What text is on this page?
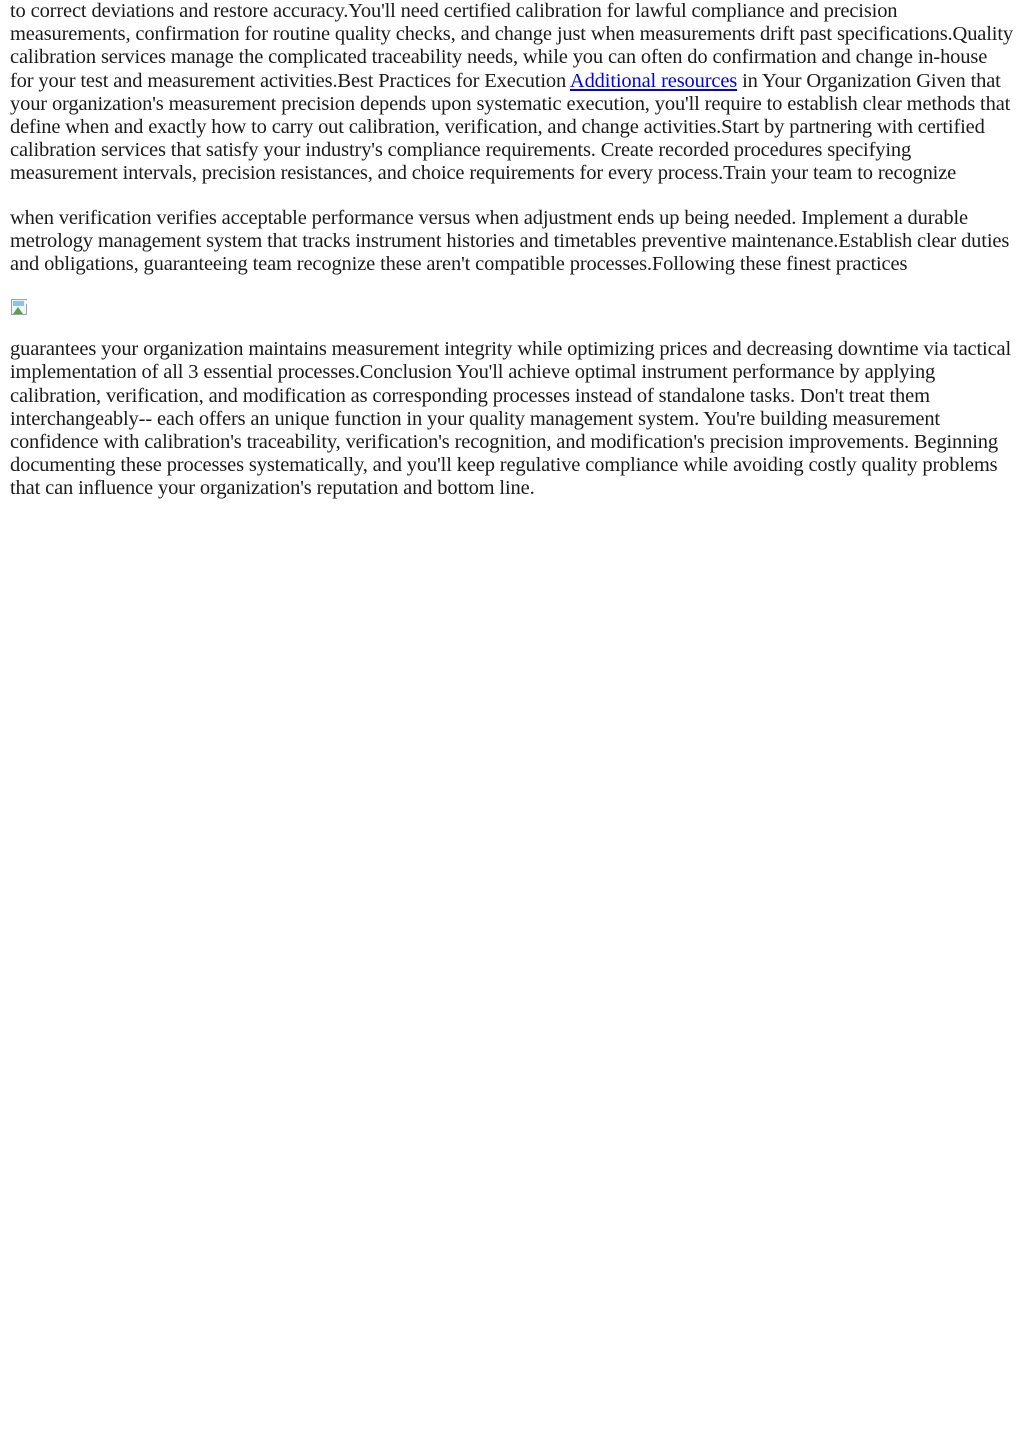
to correct deviations and restore accuracy.You'll need certified calibration for lawful compliance and precision measurements, confirmation for routine quality checks, and change just when measurements drift past specifications.Quality calibration services manage the complicated traceability needs, while you can often do confirmation and change in-house for your test and measurement activities.Best Practices for Execution Additional resources in Your Organization Given that your organization's measurement precision depends upon systematic execution, you'll require to establish clear methods that define when and exactly how to carry out calibration, verification, and change activities.Start by partnering with certified calibration services that satisfy your industry's compliance requirements. Create recorded procedures specifying measurement intervals, precision resistances, and choice requirements for every process.Train your team to recognize

when verification verifies acceptable performance versus when adjustment ends up being needed. Implement a durable metrology management system that tracks instrument histories and timetables preventive maintenance.Establish clear duties and obligations, guaranteeing team recognize these aren't compatible processes.Following these finest practices

guarantees your organization maintains measurement integrity while optimizing prices and decreasing downtime via tactical implementation of all 3 essential processes.Conclusion You'll achieve optimal instrument performance by applying calibration, verification, and modification as corresponding processes instead of standalone tasks. Don't treat them interchangeably-- each offers an unique function in your quality management system. You're building measurement confidence with calibration's traceability, verification's recognition, and modification's precision improvements. Beginning documenting these processes systematically, and you'll keep regulative compliance while avoiding costly quality problems that can influence your organization's reputation and bottom line.
